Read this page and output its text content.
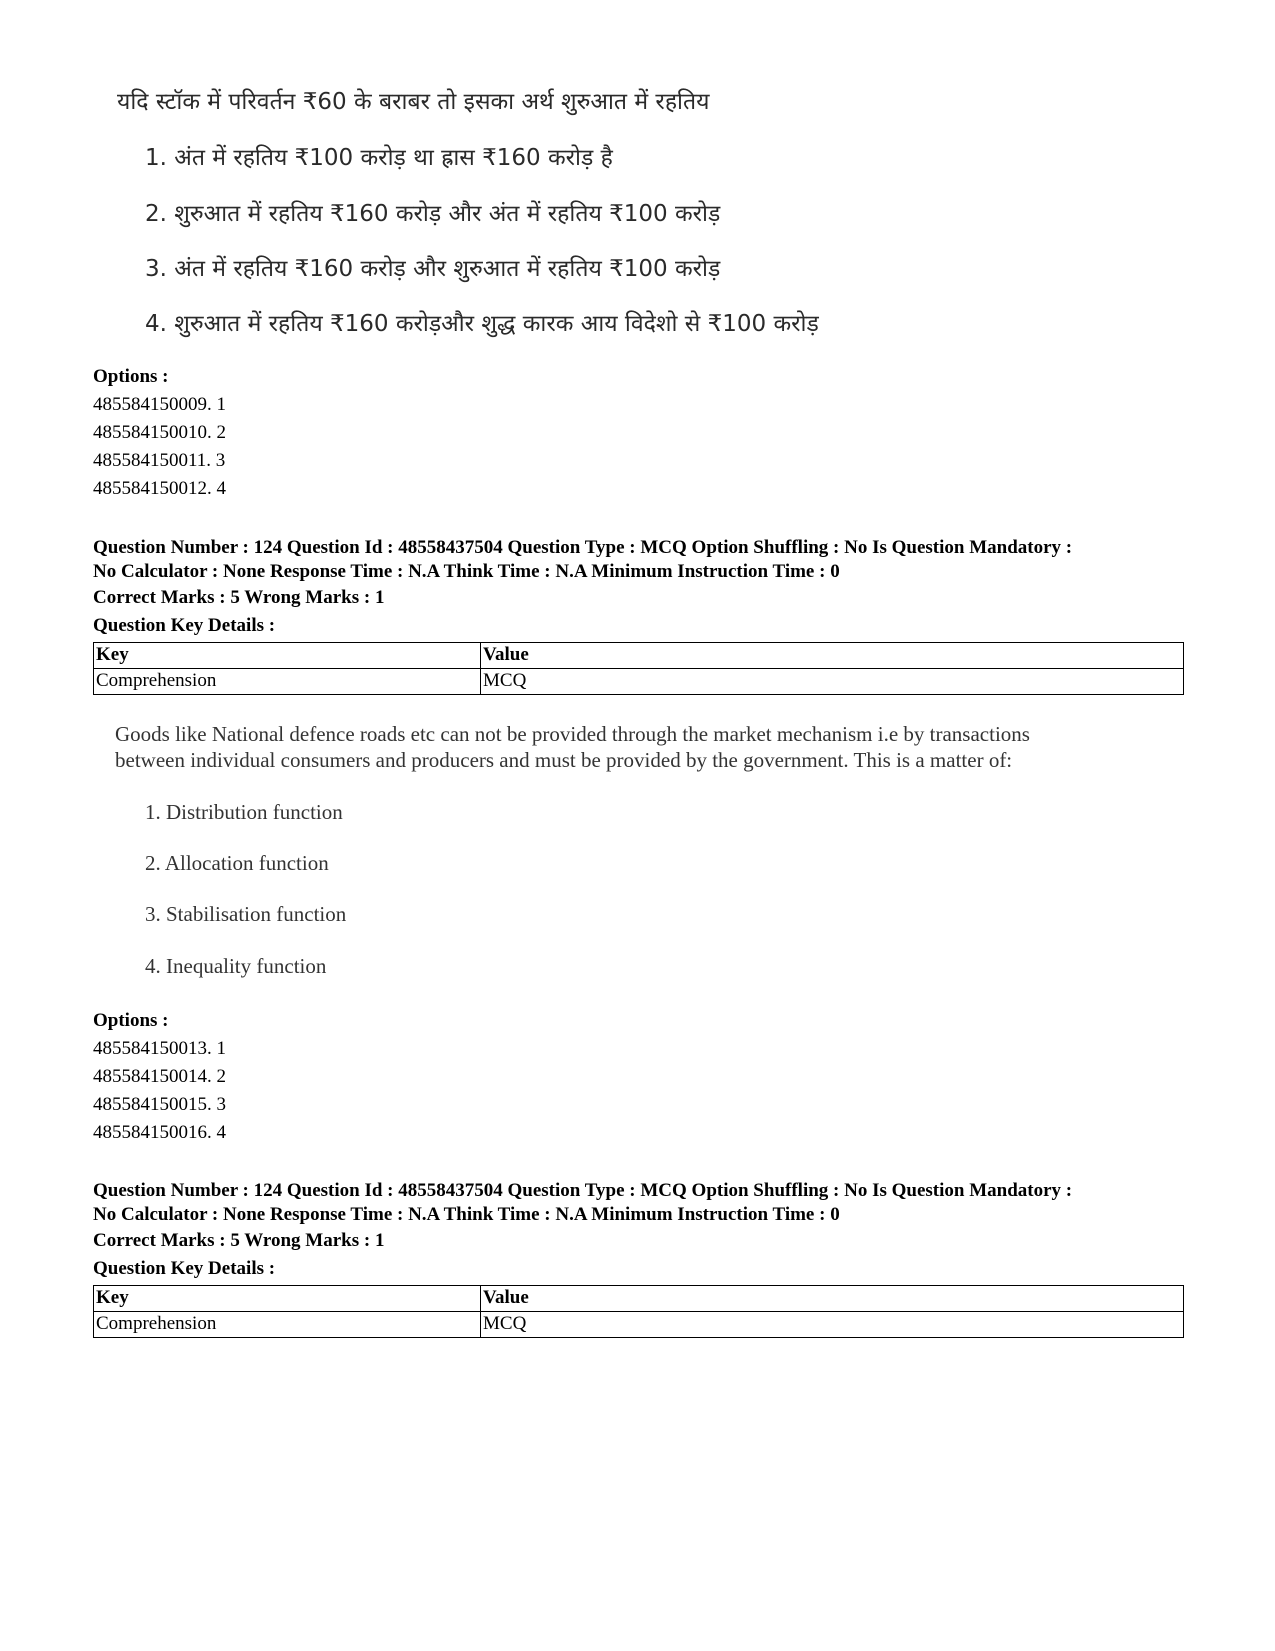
यदि स्टॉक में परिवर्तन ₹60 के बराबर तो इसका अर्थ शुरुआत में रहतिय
1. अंत में रहतिय ₹100 करोड़ था ह्रास ₹160 करोड़ है
2. शुरुआत में रहतिय ₹160 करोड़ और अंत में रहतिय ₹100 करोड़
3. अंत में रहतिय ₹160 करोड़ और शुरुआत में रहतिय ₹100 करोड़
4. शुरुआत में रहतिय ₹160 करोड़और शुद्ध कारक आय विदेशो से ₹100 करोड़
Options :
485584150009. 1
485584150010. 2
485584150011. 3
485584150012. 4
Question Number : 124 Question Id : 48558437504 Question Type : MCQ Option Shuffling : No Is Question Mandatory :
No Calculator : None Response Time : N.A Think Time : N.A Minimum Instruction Time : 0
Correct Marks : 5 Wrong Marks : 1
Question Key Details :
Key	Value
Comprehension	MCQ
Goods like National defence roads etc can not be provided through the market mechanism i.e by transactions
between individual consumers and producers and must be provided by the government. This is a matter of:
1. Distribution function
2. Allocation function
3. Stabilisation function
4. Inequality function
Options :
485584150013. 1
485584150014. 2
485584150015. 3
485584150016. 4
Question Number : 124 Question Id : 48558437504 Question Type : MCQ Option Shuffling : No Is Question Mandatory :
No Calculator : None Response Time : N.A Think Time : N.A Minimum Instruction Time : 0
Correct Marks : 5 Wrong Marks : 1
Question Key Details :
Key	Value
Comprehension	MCQ
